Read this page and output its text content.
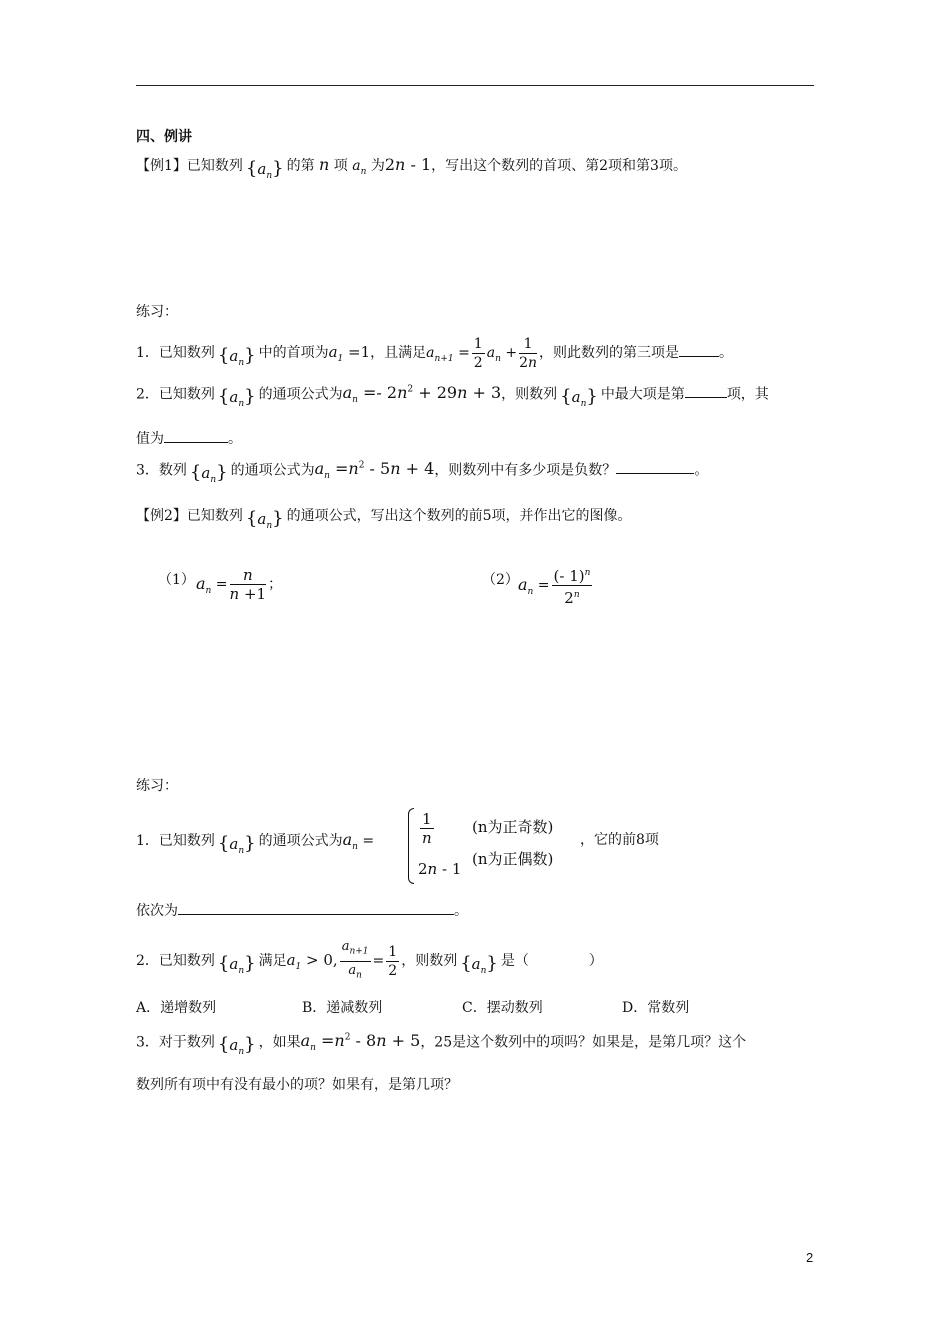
四、例讲
【例1】已知数列 $\{a_n\}$ 的第 n 项 $a_n$ 为2n - 1，写出这个数列的首项、第2项和第3项。
练习：
1．已知数列 $\{a_n\}$ 中的首项为$a_1 =1$，且满足$a_{n+1} = \frac{1}{2} a_n + \frac{1}{2n}$ ，则此数列的第三项是	。
2．已知数列 $\{a_n\}$ 的通项公式为$a_n =- 2n^2 + 29n + 3$，则数列 $\{a_n\}$ 中最大项是第	项，其
值为	。
3．数列 $\{a_n\}$ 的通项公式为$a_n =n^2 - 5n + 4$，则数列中有多少项是负数？	。
【例2】已知数列 $\{a_n\}$ 的通项公式，写出这个数列的前5项，并作出它的图像。
（1） $a_n = \frac{n}{n +1}$ ；	（2） $a_n = \frac{(- 1)^n}{2^n}$
练习：
1．已知数列 $\{a_n\}$ 的通项公式为$a_n$ =	$\frac{1}{n}$	(n为正奇数)
2n - 1
(n为正偶数)
，它的前8项
依次为	。
2．已知数列 $\{a_n\}$ 满足$a_1 > 0$, $\frac{a_{n+1}}{a_n} = \frac{1}{2}$ ，则数列 $\{a_n\}$ 是（	）
A．递增数列	B．递减数列	C．摆动数列	D．常数列
3．对于数列 $\{a_n\}$ ，如果$a_n =n^2 - 8n + 5$，25是这个数列中的项吗？如果是，是第几项？这个
数列所有项中有没有最小的项？如果有，是第几项？
2
